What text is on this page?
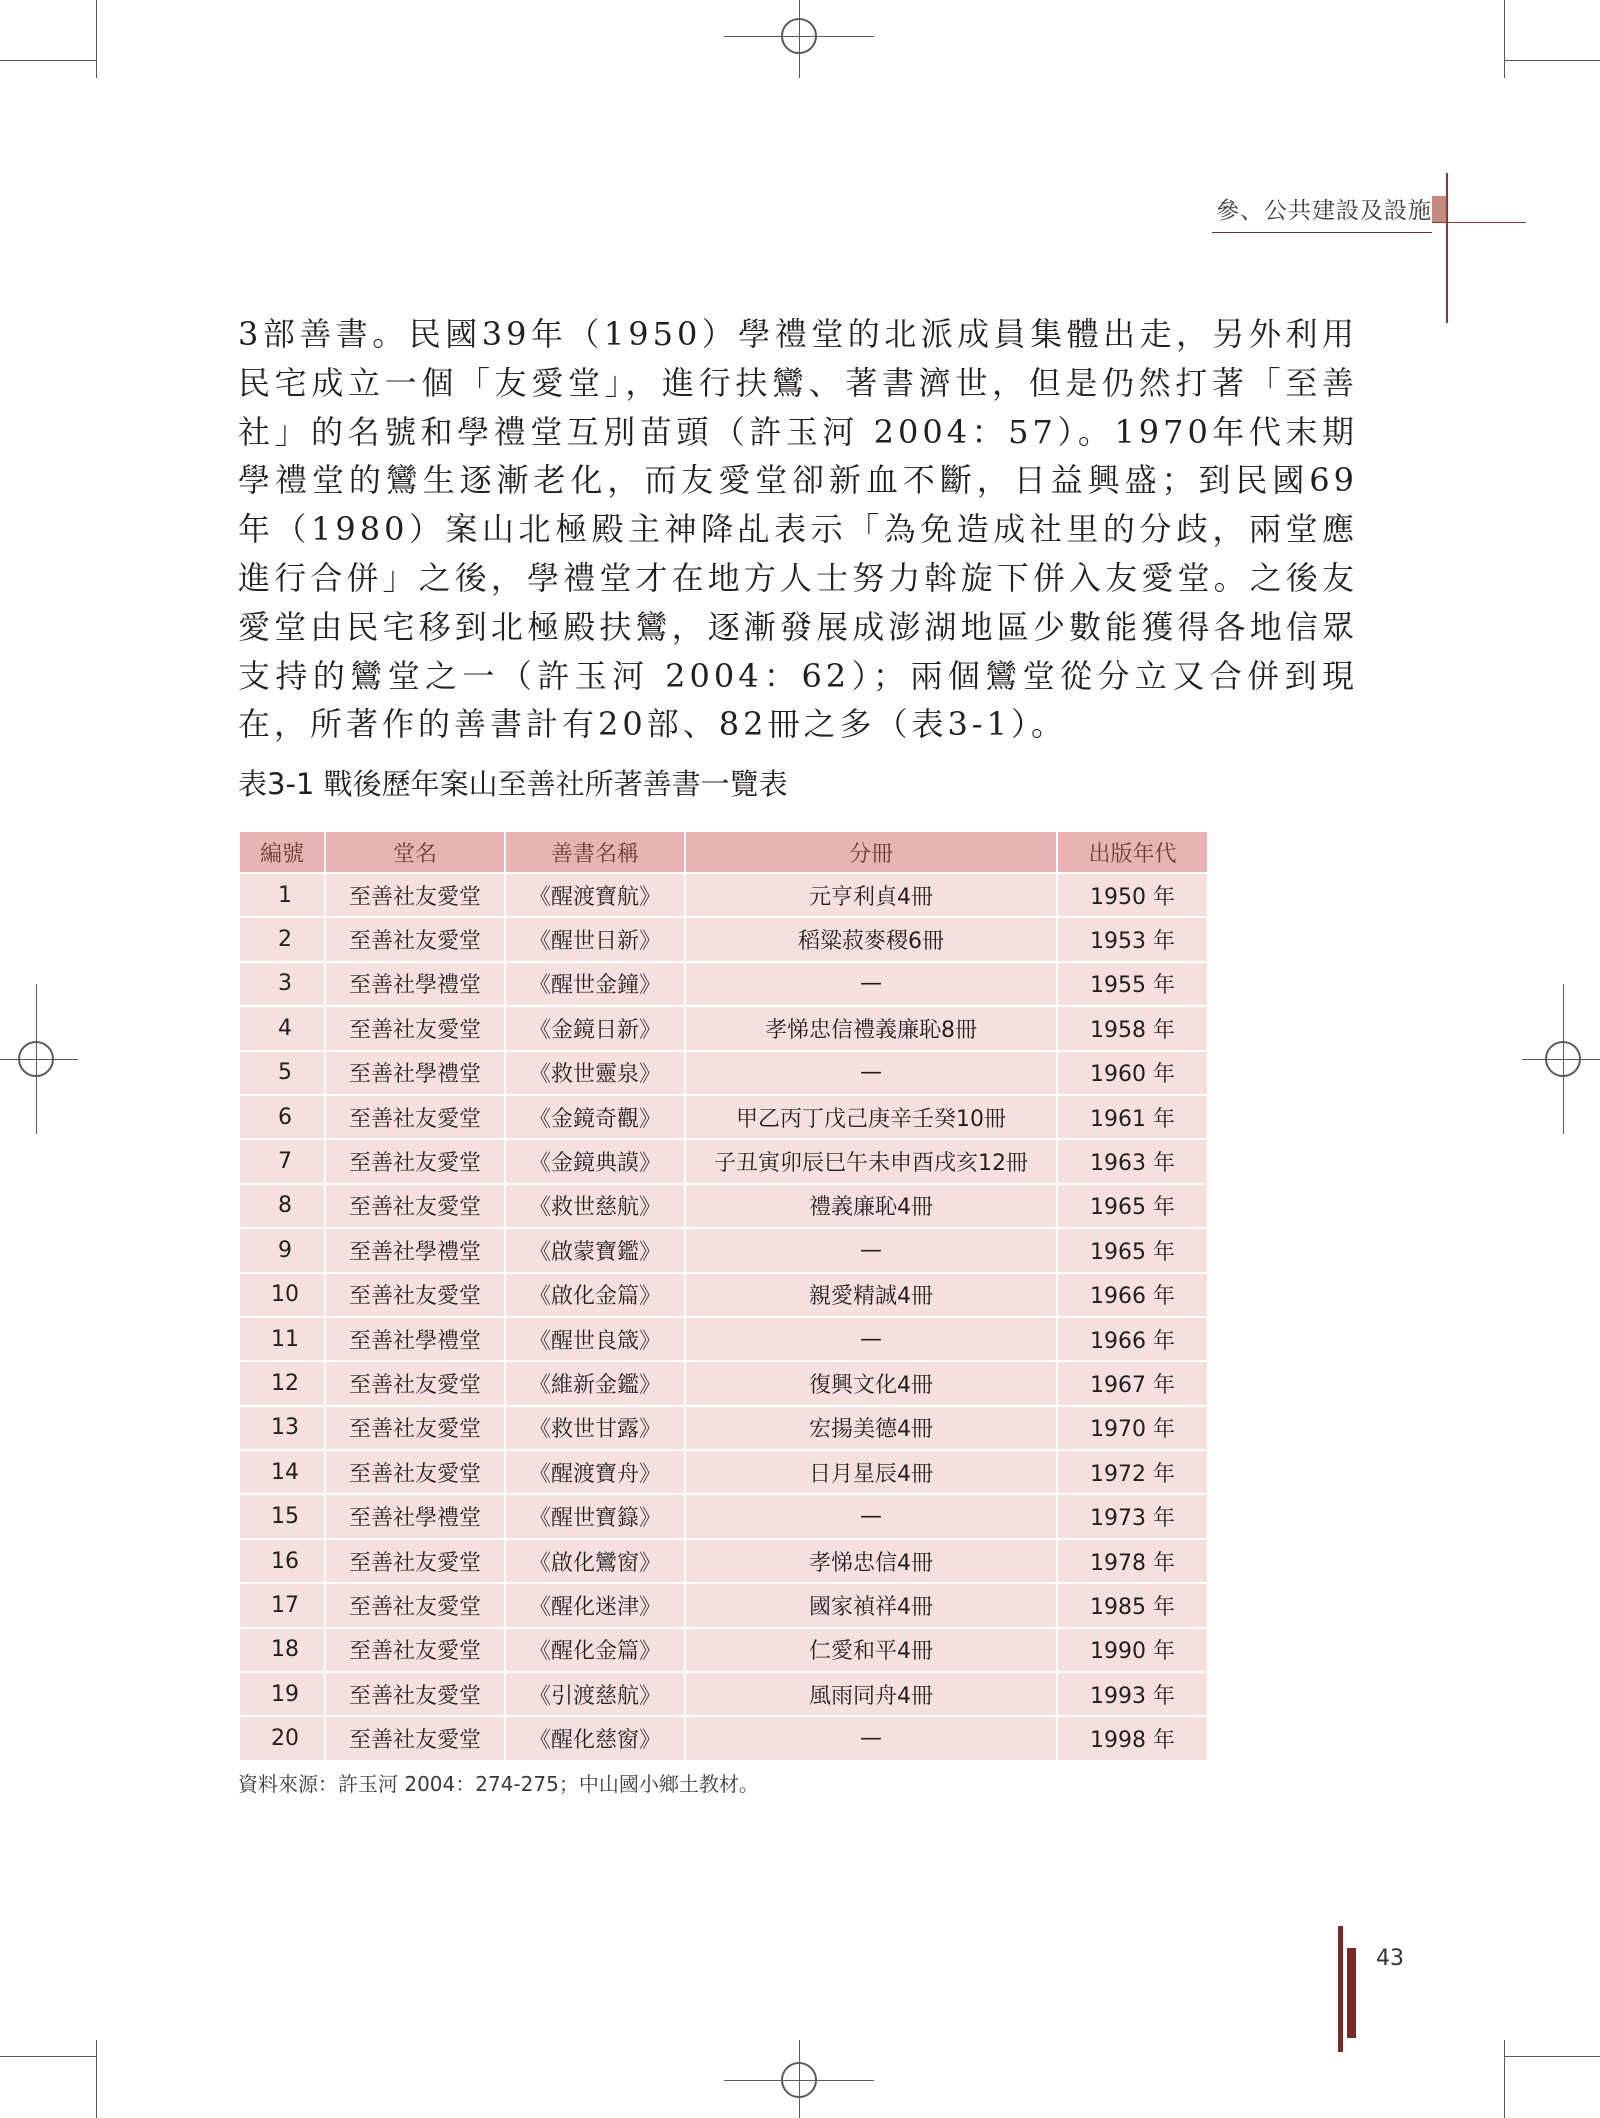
參、公共建設及設施

3部善書。民國39年（1950）學禮堂的北派成員集體出走，另外利用民宅成立一個「友愛堂」，進行扶鸞、著書濟世，但是仍然打著「至善社」的名號和學禮堂互別苗頭（許玉河 2004：57）。1970年代末期學禮堂的鸞生逐漸老化，而友愛堂卻新血不斷，日益興盛；到民國69年（1980）案山北極殿主神降乩表示「為免造成社里的分歧，兩堂應進行合併」之後，學禮堂才在地方人士努力斡旋下併入友愛堂。之後友愛堂由民宅移到北極殿扶鸞，逐漸發展成澎湖地區少數能獲得各地信眾支持的鸞堂之一（許玉河 2004：62）；兩個鸞堂從分立又合併到現在，所著作的善書計有20部、82冊之多（表3-1）。

表3-1 戰後歷年案山至善社所著善書一覽表
編號	堂名	善書名稱	分冊	出版年代
1	至善社友愛堂	《醒渡寶航》	元亨利貞4冊	1950 年
2	至善社友愛堂	《醒世日新》	稻粱菽麥稷6冊	1953 年
3	至善社學禮堂	《醒世金鐘》	—	1955 年
4	至善社友愛堂	《金鏡日新》	孝悌忠信禮義廉恥8冊	1958 年
5	至善社學禮堂	《救世靈泉》	—	1960 年
6	至善社友愛堂	《金鏡奇觀》	甲乙丙丁戊己庚辛壬癸10冊	1961 年
7	至善社友愛堂	《金鏡典謨》	子丑寅卯辰巳午未申酉戌亥12冊	1963 年
8	至善社友愛堂	《救世慈航》	禮義廉恥4冊	1965 年
9	至善社學禮堂	《啟蒙寶鑑》	—	1965 年
10	至善社友愛堂	《啟化金篇》	親愛精誠4冊	1966 年
11	至善社學禮堂	《醒世良箴》	—	1966 年
12	至善社友愛堂	《維新金鑑》	復興文化4冊	1967 年
13	至善社友愛堂	《救世甘露》	宏揚美德4冊	1970 年
14	至善社友愛堂	《醒渡寶舟》	日月星辰4冊	1972 年
15	至善社學禮堂	《醒世寶籙》	—	1973 年
16	至善社友愛堂	《啟化鸞窗》	孝悌忠信4冊	1978 年
17	至善社友愛堂	《醒化迷津》	國家禎祥4冊	1985 年
18	至善社友愛堂	《醒化金篇》	仁愛和平4冊	1990 年
19	至善社友愛堂	《引渡慈航》	風雨同舟4冊	1993 年
20	至善社友愛堂	《醒化慈窗》	—	1998 年
資料來源：許玉河 2004：274-275；中山國小鄉土教材。
43
